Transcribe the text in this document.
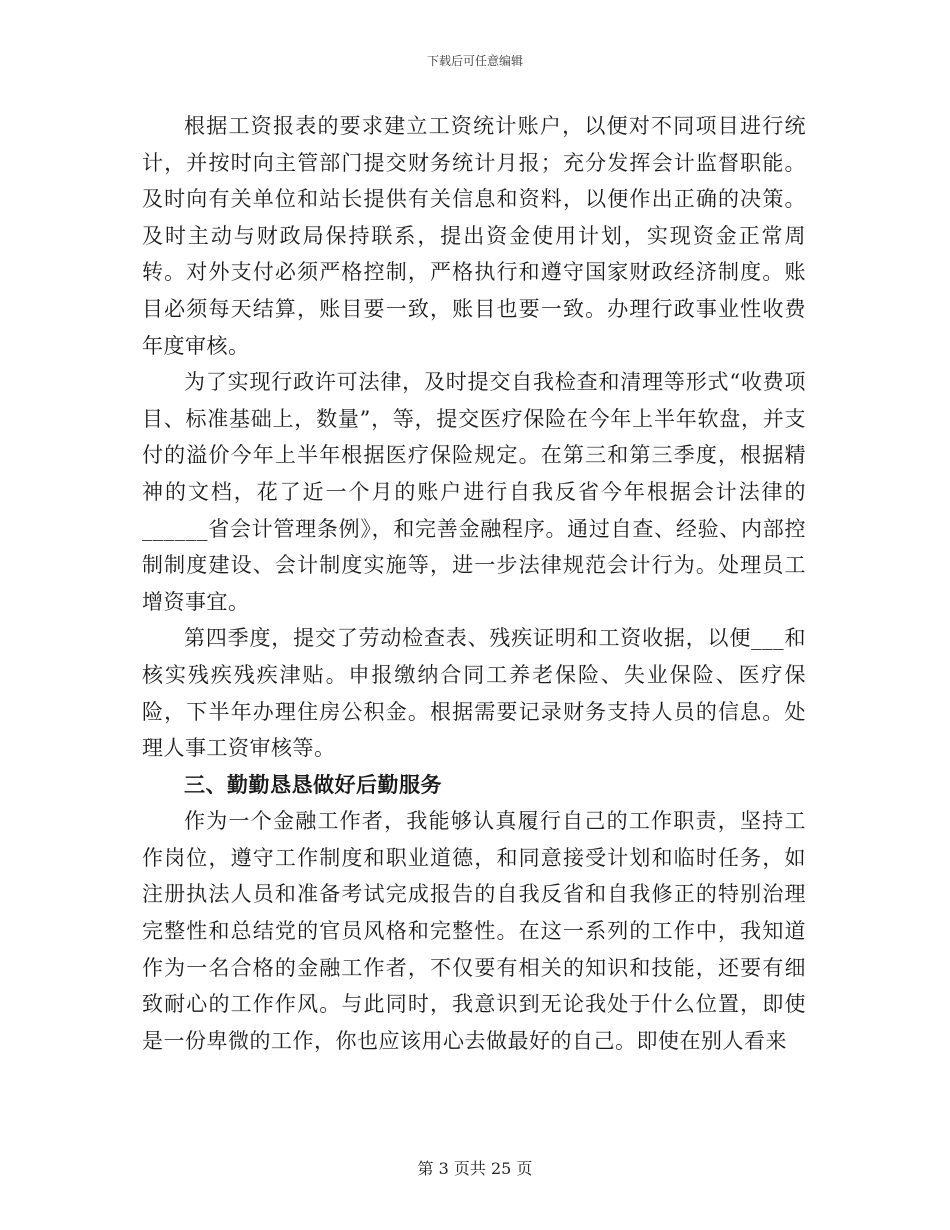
下载后可任意编辑

根据工资报表的要求建立工资统计账户，以便对不同项目进行统计，并按时向主管部门提交财务统计月报；充分发挥会计监督职能。及时向有关单位和站长提供有关信息和资料，以便作出正确的决策。及时主动与财政局保持联系，提出资金使用计划，实现资金正常周转。对外支付必须严格控制，严格执行和遵守国家财政经济制度。账目必须每天结算，账目要一致，账目也要一致。办理行政事业性收费年度审核。

为了实现行政许可法律，及时提交自我检查和清理等形式“收费项目、标准基础上，数量”，等，提交医疗保险在今年上半年软盘，并支付的溢价今年上半年根据医疗保险规定。在第三和第三季度，根据精神的文档，花了近一个月的账户进行自我反省今年根据会计法律的______省会计管理条例》，和完善金融程序。通过自查、经验、内部控制制度建设、会计制度实施等，进一步法律规范会计行为。处理员工增资事宜。

第四季度，提交了劳动检查表、残疾证明和工资收据，以便___和核实残疾残疾津贴。申报缴纳合同工养老保险、失业保险、医疗保险，下半年办理住房公积金。根据需要记录财务支持人员的信息。处理人事工资审核等。

三、勤勤恳恳做好后勤服务

作为一个金融工作者，我能够认真履行自己的工作职责，坚持工作岗位，遵守工作制度和职业道德，和同意接受计划和临时任务，如注册执法人员和准备考试完成报告的自我反省和自我修正的特别治理完整性和总结党的官员风格和完整性。在这一系列的工作中，我知道作为一名合格的金融工作者，不仅要有相关的知识和技能，还要有细致耐心的工作作风。与此同时，我意识到无论我处于什么位置，即使是一份卑微的工作，你也应该用心去做最好的自己。即使在别人看来

第 3 页共 25 页
